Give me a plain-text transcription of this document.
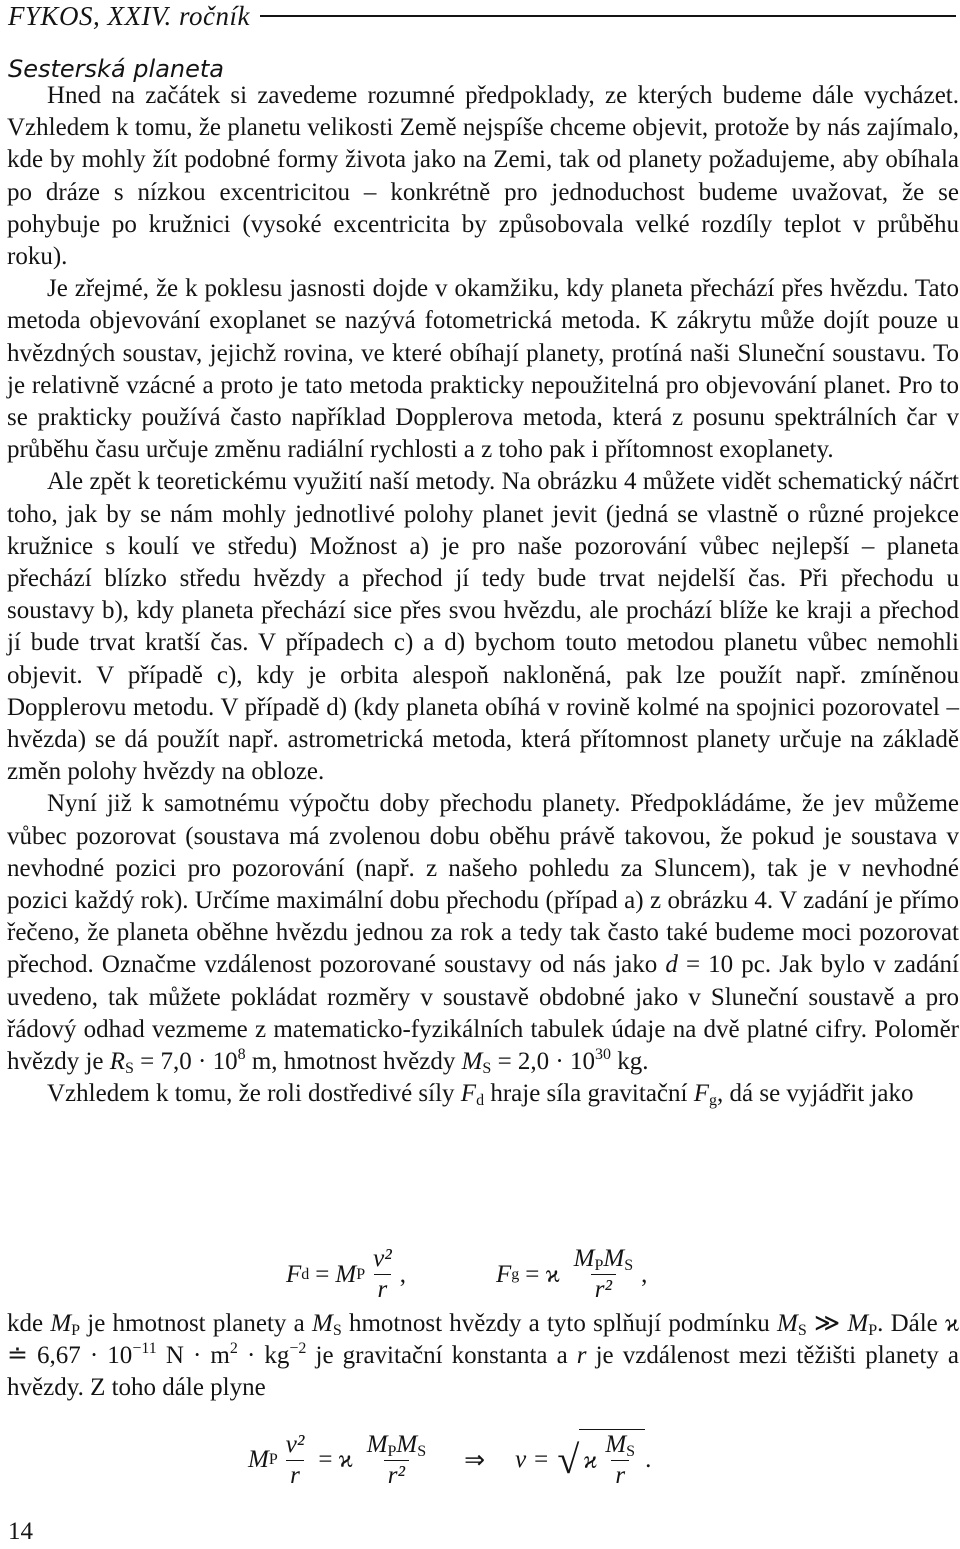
FYKOS, XXIV. ročník
Sesterská planeta

Hned na začátek si zavedeme rozumné předpoklady, ze kterých budeme dále vycházet. Vzhledem k tomu, že planetu velikosti Země nejspíše chceme objevit, protože by nás zajímalo, kde by mohly žít podobné formy života jako na Zemi, tak od planety požadujeme, aby obíhala po dráze s nízkou excentricitou – konkrétně pro jednoduchost budeme uvažovat, že se pohybuje po kružnici (vysoké excentricita by způsobovala velké rozdíly teplot v průběhu roku).

Je zřejmé, že k poklesu jasnosti dojde v okamžiku, kdy planeta přechází přes hvězdu. Tato metoda objevování exoplanet se nazývá fotometrická metoda. K zákrytu může dojít pouze u hvězdných soustav, jejichž rovina, ve které obíhají planety, protíná naši Sluneční soustavu. To je relativně vzácné a proto je tato metoda prakticky nepoužitelná pro objevování planet. Pro to se prakticky používá často například Dopplerova metoda, která z posunu spektrálních čar v průběhu času určuje změnu radiální rychlosti a z toho pak i přítomnost exoplanety.

Ale zpět k teoretickému využití naší metody. Na obrázku 4 můžete vidět schematický náčrt toho, jak by se nám mohly jednotlivé polohy planet jevit (jedná se vlastně o různé projekce kružnice s koulí ve středu) Možnost a) je pro naše pozorování vůbec nejlepší – planeta přechází blízko středu hvězdy a přechod jí tedy bude trvat nejdelší čas. Při přechodu u soustavy b), kdy planeta přechází sice přes svou hvězdu, ale prochází blíže ke kraji a přechod jí bude trvat kratší čas. V případech c) a d) bychom touto metodou planetu vůbec nemohli objevit. V případě c), kdy je orbita alespoň nakloněná, pak lze použít např. zmíněnou Dopplerovu metodu. V případě d) (kdy planeta obíhá v rovině kolmé na spojnici pozorovatel – hvězda) se dá použít např. astrometrická metoda, která přítomnost planety určuje na základě změn polohy hvězdy na obloze.

Nyní již k samotnému výpočtu doby přechodu planety. Předpokládáme, že jev můžeme vůbec pozorovat (soustava má zvolenou dobu oběhu právě takovou, že pokud je soustava v nevhodné pozici pro pozorování (např. z našeho pohledu za Sluncem), tak je v nevhodné pozici každý rok). Určíme maximální dobu přechodu (případ a) z obrázku 4. V zadání je přímo řečeno, že planeta oběhne hvězdu jednou za rok a tedy tak často také budeme moci pozorovat přechod. Označme vzdálenost pozorované soustavy od nás jako d = 10 pc. Jak bylo v zadání uvedeno, tak můžete pokládat rozměry v soustavě obdobné jako v Sluneční soustavě a pro řádový odhad vezmeme z matematicko-fyzikálních tabulek údaje na dvě platné cifry. Poloměr hvězdy je $R_S = 7,0 \cdot 10^8$ m, hmotnost hvězdy $M_S = 2,0 \cdot 10^{30}$ kg.

Vzhledem k tomu, že roli dostředivé síly $F_d$ hraje síla gravitační $F_g$, dá se vyjádřit jako

F d = M P $\frac{\text{v²}}{r}$ ,	F g = ϰ $\frac{M_PM_S}{\text{r²}}$ ,

kde $M_P$ je hmotnost planety a $M_S$ hmotnost hvězdy a tyto splňují podmínku $M_S$ ≫ $M_P$. Dále ϰ ≐ $6,67 \cdot 10^{-11}$ $N \cdot m^2 \cdot kg^{-2}$ je gravitační konstanta a r je vzdálenost mezi těžišti planety a hvězdy. Z toho dále plyne

M P $\frac{\text{v²}}{r} = ϰ \frac{M_PM_S}{\text{r²}}$ ⇒ v = √ ϰ $\frac{M_S}{r}$ .
14
